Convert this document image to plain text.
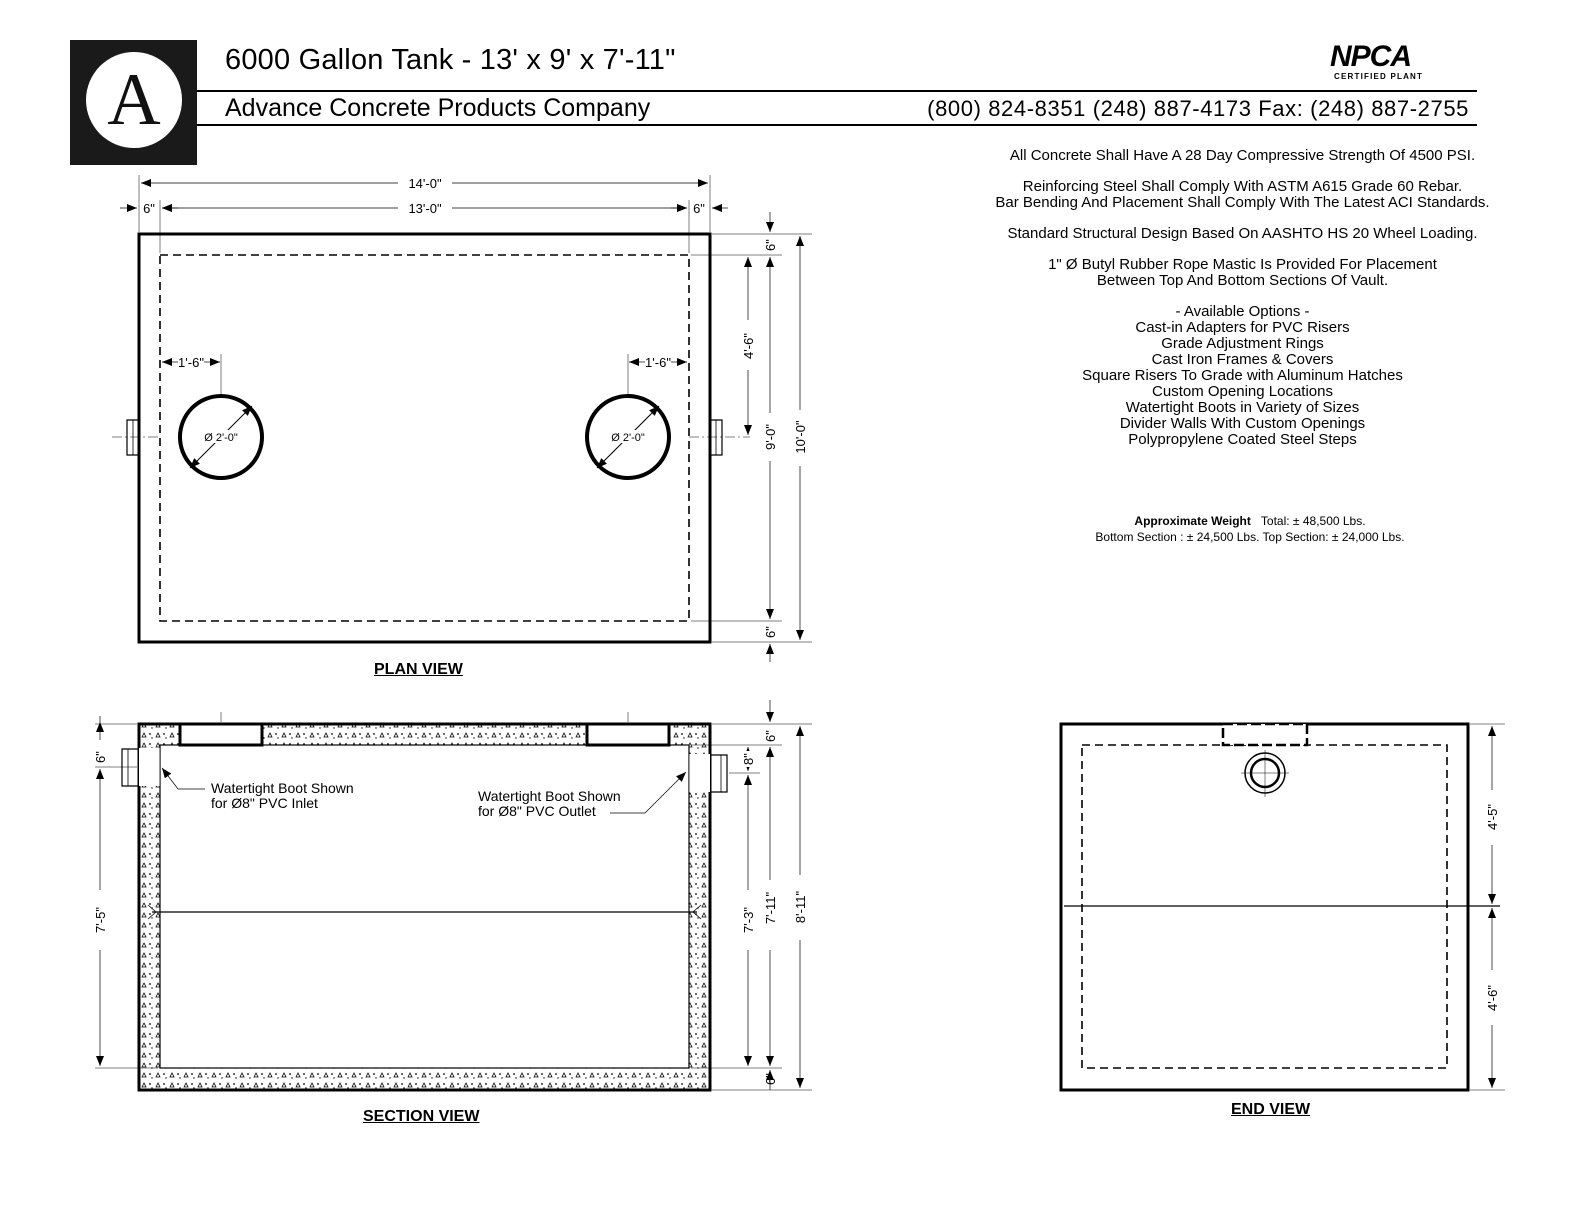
A	6000 Gallon Tank - 13' x 9' x 7'-11"
Advance Concrete Products Company	(800) 824-8351 (248) 887-4173 Fax: (248) 887-2755
NPCA
CERTIFIED PLANT

All Concrete Shall Have A 28 Day Compressive Strength Of 4500 PSI.

Reinforcing Steel Shall Comply With ASTM A615 Grade 60 Rebar.
Bar Bending And Placement Shall Comply With The Latest ACI Standards.

Standard Structural Design Based On AASHTO HS 20 Wheel Loading.

1" Ø Butyl Rubber Rope Mastic Is Provided For Placement
Between Top And Bottom Sections Of Vault.

- Available Options -
Cast-in Adapters for PVC Risers
Grade Adjustment Rings
Cast Iron Frames & Covers
Square Risers To Grade with Aluminum Hatches
Custom Opening Locations
Watertight Boots in Variety of Sizes
Divider Walls With Custom Openings
Polypropylene Coated Steel Steps

Approximate Weight Total: ± 48,500 Lbs.
Bottom Section : ± 24,500 Lbs. Top Section: ± 24,000 Lbs.
Ø 2'-0"	Ø 2'-0"
14'-0"
13'-0"
6"	6"
1'-6"	1'-6"
6"
9'-0"
6"
4'-6"
10'-0"
Watertight Boot Shown
for Ø8" PVC Inlet	Watertight Boot Shown
for Ø8" PVC Outlet
6"
7'-5"
6"
7'-11"
6"
8"
7'-3"	8'-11"
4'-5"
4'-6"
PLAN VIEW
SECTION VIEW	END VIEW
